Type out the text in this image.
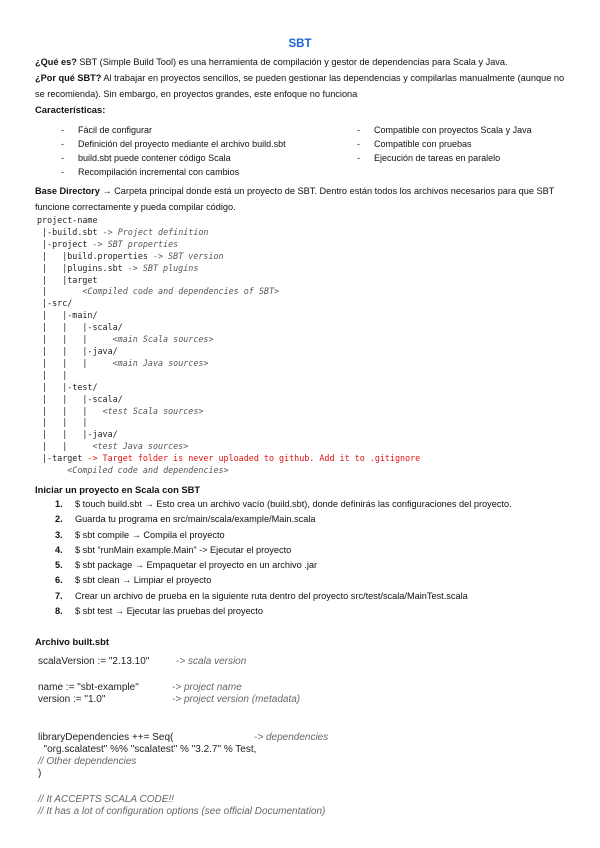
SBT

¿Qué es? SBT (Simple Build Tool) es una herramienta de compilación y gestor de dependencias para Scala y Java.

¿Por qué SBT? Al trabajar en proyectos sencillos, se pueden gestionar las dependencias y compilarlas manualmente (aunque no se recomienda). Sin embargo, en proyectos grandes, este enfoque no funciona

Características:
- Fácil de configurar
- Definición del proyecto mediante el archivo build.sbt
- build.sbt puede contener código Scala
- Recompilación incremental con cambios
- Compatible con proyectos Scala y Java
- Compatible con pruebas
- Ejecución de tareas en paralelo

Base Directory → Carpeta principal donde está un proyecto de SBT. Dentro están todos los archivos necesarios para que SBT funcione correctamente y pueda compilar código.

project-name
|-build.sbt -> Project definition
|-project -> SBT properties
|   |build.properties -> SBT version
|   |plugins.sbt -> SBT plugins
|   |target
|       <Compiled code and dependencies of SBT>
|-src/
|   |-main/
|   |   |-scala/
|   |   |     <main Scala sources>
|   |   |-java/
|   |   |     <main Java sources>
|   |
|   |-test/
|   |   |-scala/
|   |   |   <test Scala sources>
|   |   |
|   |   |-java/
|   |     <test Java sources>
|-target -> Target folder is never uploaded to github. Add it to .gitignore
<Compiled code and dependencies>

Iniciar un proyecto en Scala con SBT
1. $ touch build.sbt → Esto crea un archivo vacío (build.sbt), donde definirás las configuraciones del proyecto.
2. Guarda tu programa en src/main/scala/example/Main.scala
3. $ sbt compile → Compila el proyecto
4. $ sbt “runMain example.Main” -> Ejecutar el proyecto
5. $ sbt package → Empaquetar el proyecto en un archivo .jar
6. $ sbt clean → Limpiar el proyecto
7. Crear un archivo de prueba en la siguiente ruta dentro del proyecto src/test/scala/MainTest.scala
8. $ sbt test → Ejecutar las pruebas del proyecto
Archivo built.sbt
scalaVersion := "2.13.10"	-> scala version
name := "sbt-example"	-> project name
version := "1.0"	-> project version (metadata)
libraryDependencies ++= Seq(	-> dependencies
"org.scalatest" %% "scalatest" % "3.2.7" % Test,
// Other dependencies
)
// It ACCEPTS SCALA CODE!!
// It has a lot of configuration options (see official Documentation)
